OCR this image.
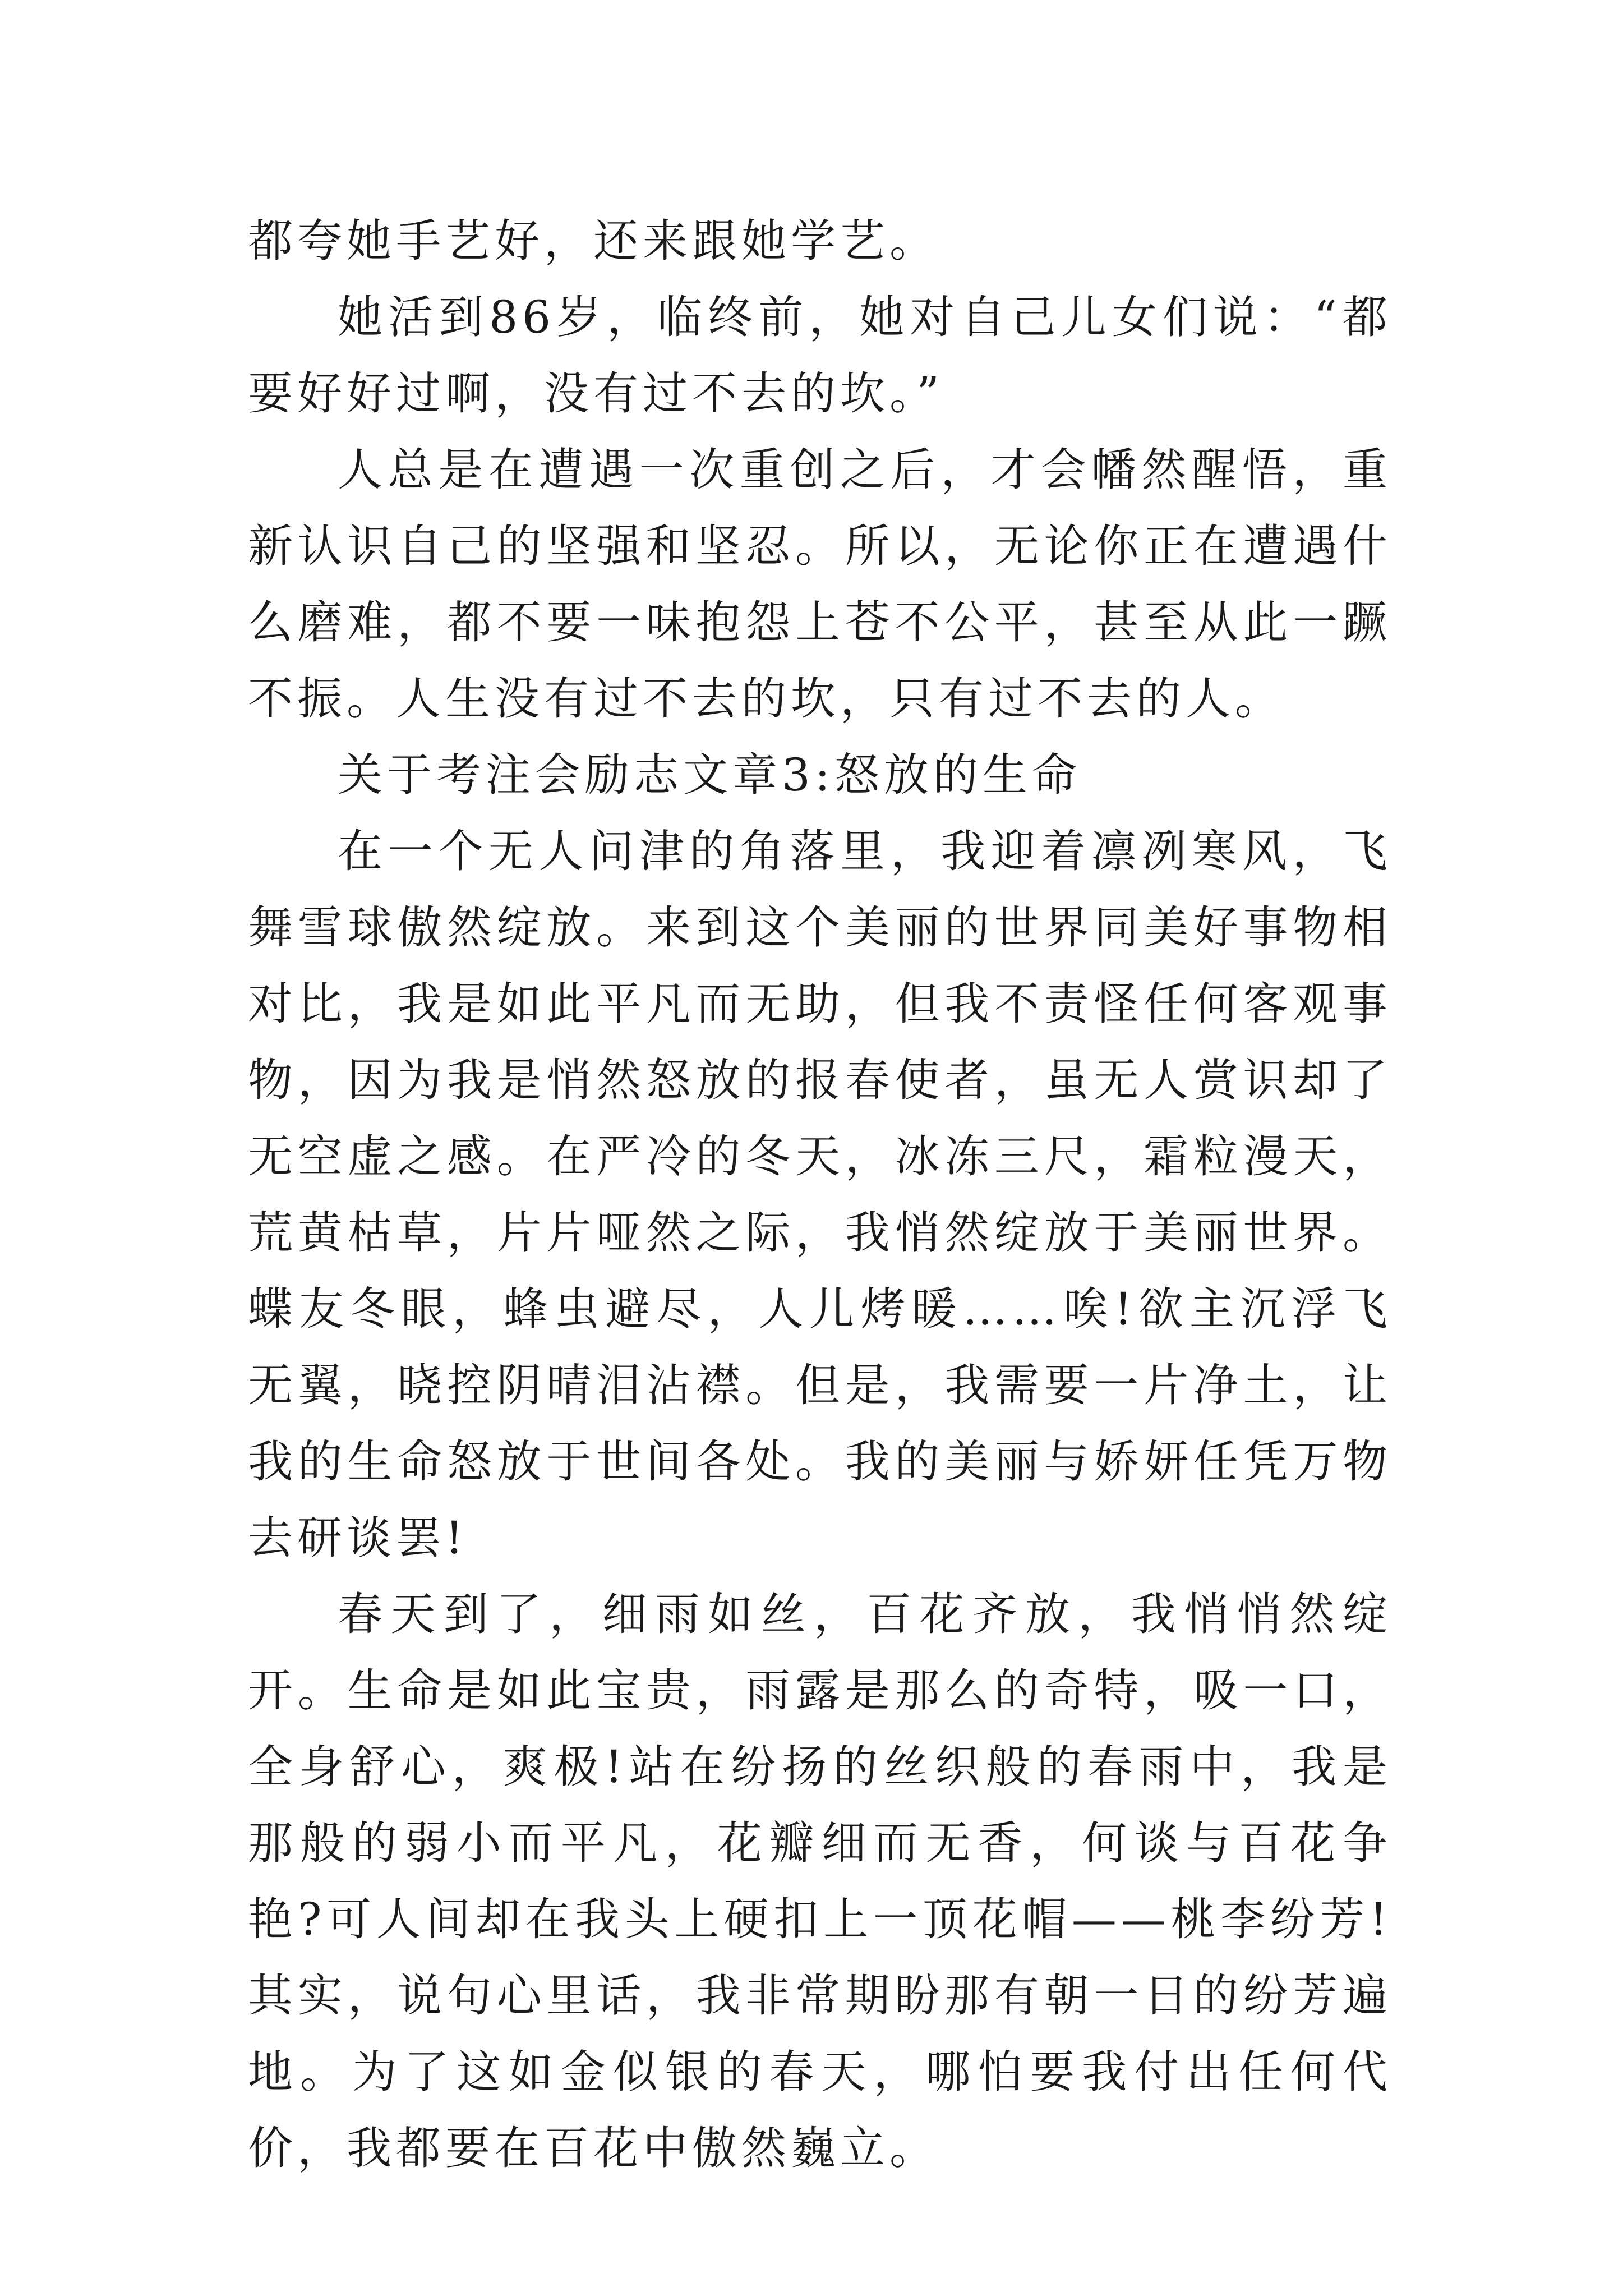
都夸她手艺好，还来跟她学艺。

她活到86岁，临终前，她对自己儿女们说：“都要好好过啊，没有过不去的坎。”

人总是在遭遇一次重创之后，才会幡然醒悟，重新认识自己的坚强和坚忍。所以，无论你正在遭遇什么磨难，都不要一味抱怨上苍不公平，甚至从此一蹶不振。人生没有过不去的坎，只有过不去的人。

关于考注会励志文章3:怒放的生命

在一个无人问津的角落里，我迎着凛冽寒风，飞舞雪球傲然绽放。来到这个美丽的世界同美好事物相对比，我是如此平凡而无助，但我不责怪任何客观事物，因为我是悄然怒放的报春使者，虽无人赏识却了无空虚之感。在严冷的冬天，冰冻三尺，霜粒漫天，荒黄枯草，片片哑然之际，我悄然绽放于美丽世界。蝶友冬眼，蜂虫避尽，人儿烤暖……唉!欲主沉浮飞无翼，晓控阴晴泪沾襟。但是，我需要一片净土，让我的生命怒放于世间各处。我的美丽与娇妍任凭万物去研谈罢!

春天到了，细雨如丝，百花齐放，我悄悄然绽开。生命是如此宝贵，雨露是那么的奇特，吸一口，全身舒心，爽极!站在纷扬的丝织般的春雨中，我是那般的弱小而平凡，花瓣细而无香，何谈与百花争艳?可人间却在我头上硬扣上一顶花帽——桃李纷芳!其实，说句心里话，我非常期盼那有朝一日的纷芳遍地。为了这如金似银的春天，哪怕要我付出任何代价，我都要在百花中傲然巍立。
